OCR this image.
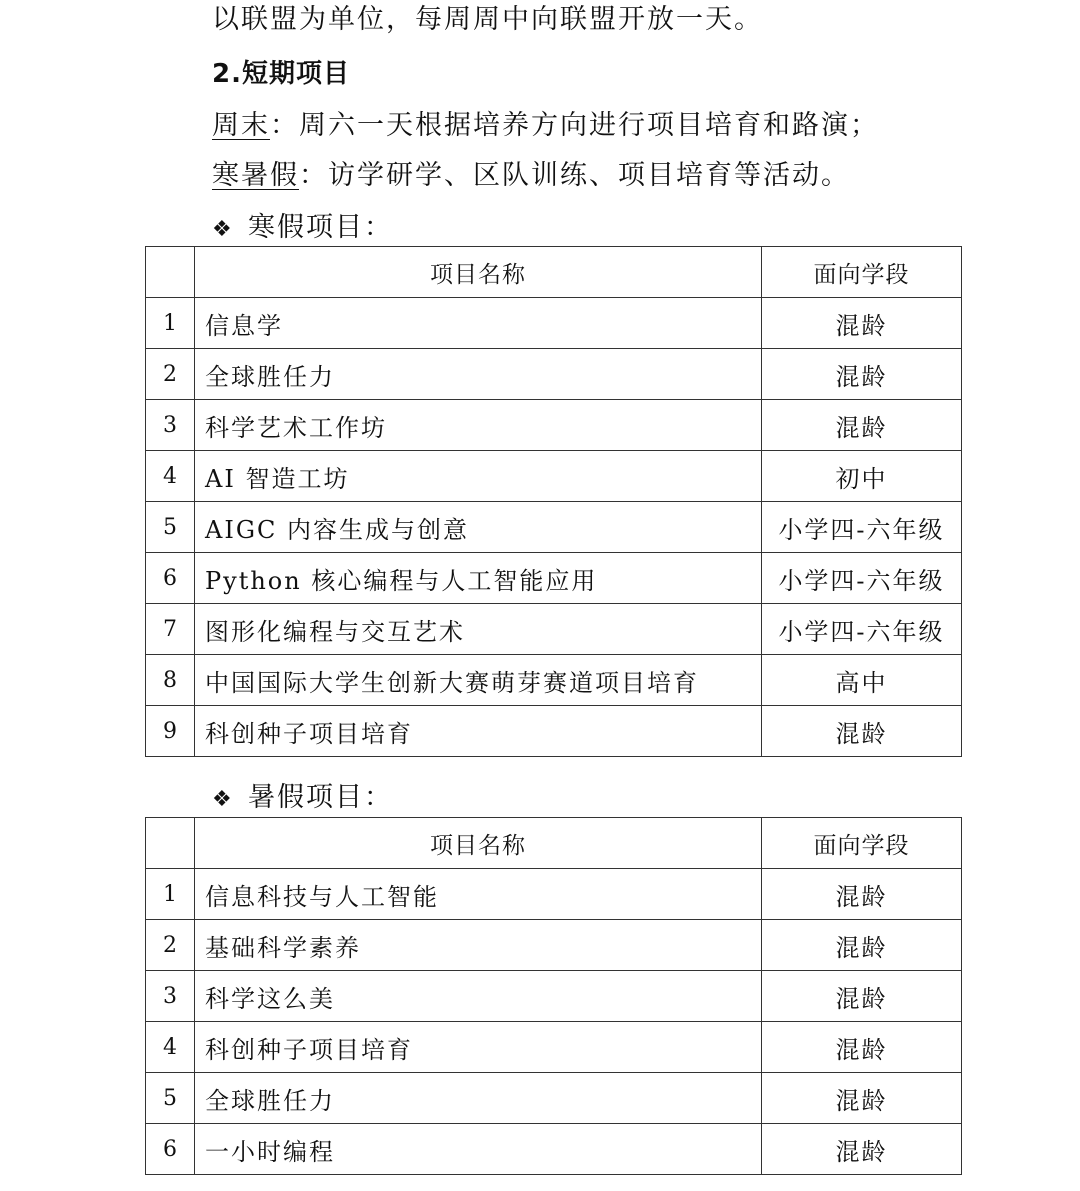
以联盟为单位，每周周中向联盟开放一天。
2.短期项目
周末：周六一天根据培养方向进行项目培育和路演；
寒暑假：访学研学、区队训练、项目培育等活动。
❖ 寒假项目：
	项目名称	面向学段
1	信息学	混龄
2	全球胜任力	混龄
3	科学艺术工作坊	混龄
4	AI 智造工坊	初中
5	AIGC 内容生成与创意	小学四-六年级
6	Python 核心编程与人工智能应用	小学四-六年级
7	图形化编程与交互艺术	小学四-六年级
8	中国国际大学生创新大赛萌芽赛道项目培育	高中
9	科创种子项目培育	混龄
❖ 暑假项目：
	项目名称	面向学段
1	信息科技与人工智能	混龄
2	基础科学素养	混龄
3	科学这么美	混龄
4	科创种子项目培育	混龄
5	全球胜任力	混龄
6	一小时编程	混龄
